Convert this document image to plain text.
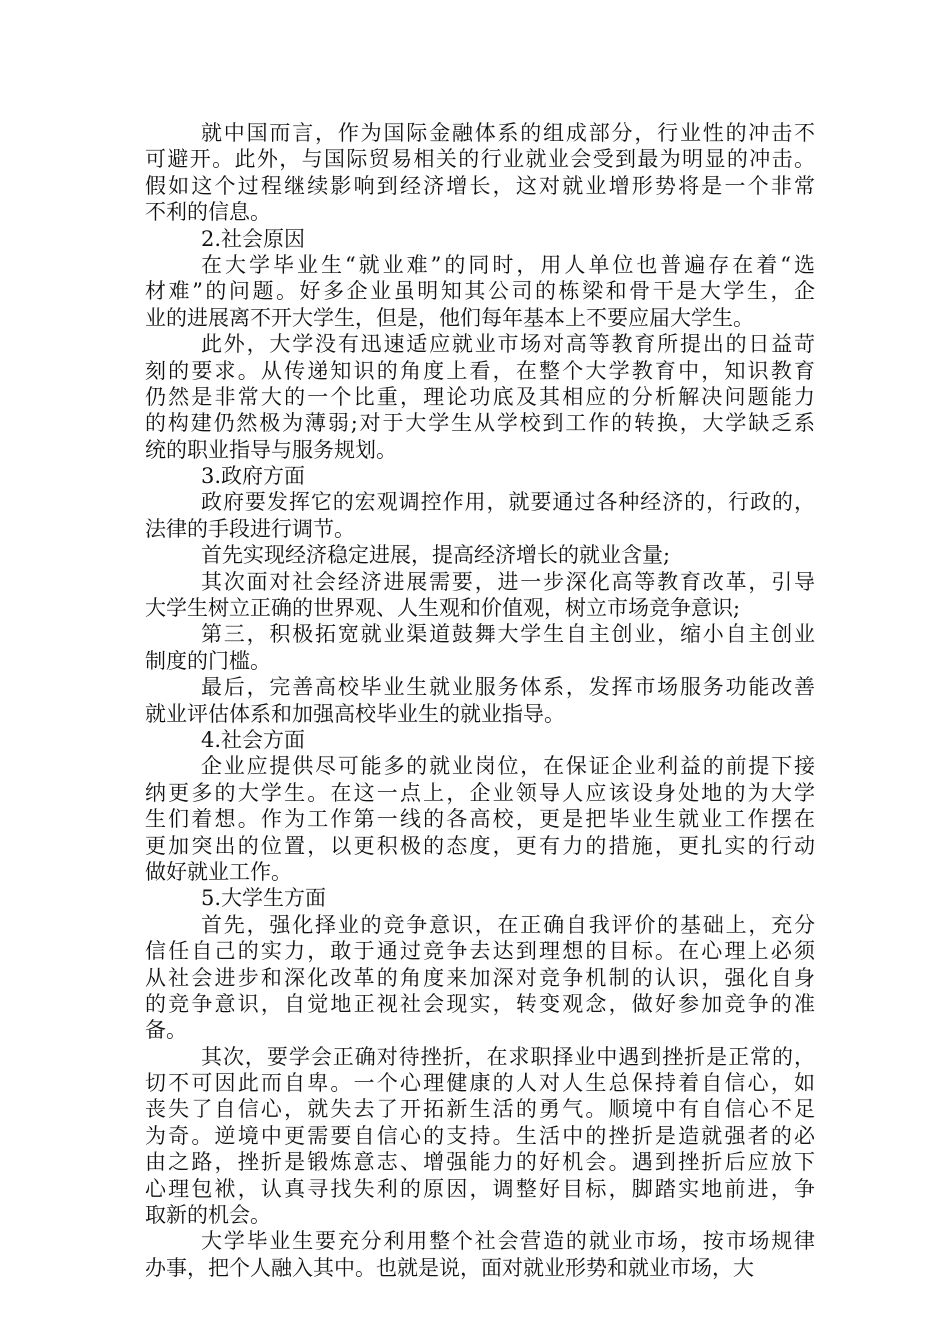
就中国而言，作为国际金融体系的组成部分，行业性的冲击不
可避开。此外，与国际贸易相关的行业就业会受到最为明显的冲击。
假如这个过程继续影响到经济增长，这对就业增形势将是一个非常
不利的信息。
2.社会原因
在大学毕业生“就业难”的同时，用人单位也普遍存在着“选
材难”的问题。好多企业虽明知其公司的栋梁和骨干是大学生，企
业的进展离不开大学生，但是，他们每年基本上不要应届大学生。
此外，大学没有迅速适应就业市场对高等教育所提出的日益苛
刻的要求。从传递知识的角度上看，在整个大学教育中，知识教育
仍然是非常大的一个比重，理论功底及其相应的分析解决问题能力
的构建仍然极为薄弱;对于大学生从学校到工作的转换，大学缺乏系
统的职业指导与服务规划。
3.政府方面
政府要发挥它的宏观调控作用，就要通过各种经济的，行政的，
法律的手段进行调节。
首先实现经济稳定进展，提高经济增长的就业含量;
其次面对社会经济进展需要，进一步深化高等教育改革，引导
大学生树立正确的世界观、人生观和价值观，树立市场竞争意识;
第三，积极拓宽就业渠道鼓舞大学生自主创业，缩小自主创业
制度的门槛。
最后，完善高校毕业生就业服务体系，发挥市场服务功能改善
就业评估体系和加强高校毕业生的就业指导。
4.社会方面
企业应提供尽可能多的就业岗位，在保证企业利益的前提下接
纳更多的大学生。在这一点上，企业领导人应该设身处地的为大学
生们着想。作为工作第一线的各高校，更是把毕业生就业工作摆在
更加突出的位置，以更积极的态度，更有力的措施，更扎实的行动
做好就业工作。
5.大学生方面
首先，强化择业的竞争意识，在正确自我评价的基础上，充分
信任自己的实力，敢于通过竞争去达到理想的目标。在心理上必须
从社会进步和深化改革的角度来加深对竞争机制的认识，强化自身
的竞争意识，自觉地正视社会现实，转变观念，做好参加竞争的准
备。
其次，要学会正确对待挫折，在求职择业中遇到挫折是正常的，
切不可因此而自卑。一个心理健康的人对人生总保持着自信心，如
丧失了自信心，就失去了开拓新生活的勇气。顺境中有自信心不足
为奇。逆境中更需要自信心的支持。生活中的挫折是造就强者的必
由之路，挫折是锻炼意志、增强能力的好机会。遇到挫折后应放下
心理包袱，认真寻找失利的原因，调整好目标，脚踏实地前进，争
取新的机会。
大学毕业生要充分利用整个社会营造的就业市场，按市场规律
办事，把个人融入其中。也就是说，面对就业形势和就业市场，大
